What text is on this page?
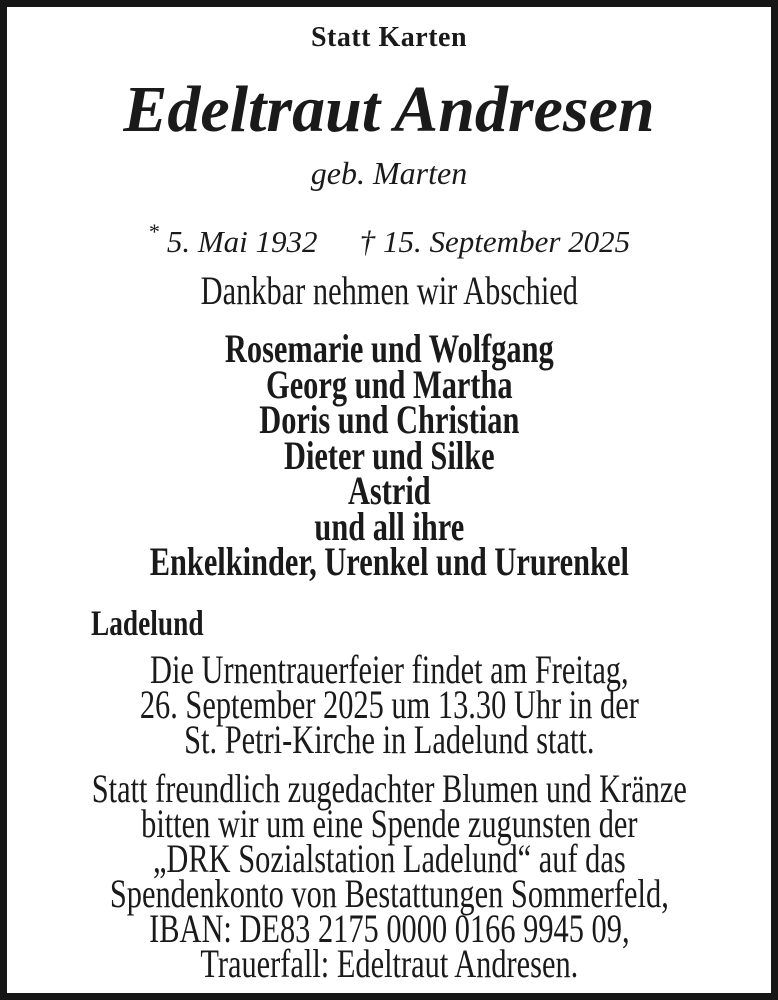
Statt Karten
Edeltraut Andresen
geb. Marten
* 5. Mai 1932 † 15. September 2025
Dankbar nehmen wir Abschied
Rosemarie und Wolfgang
Georg und Martha
Doris und Christian
Dieter und Silke
Astrid
und all ihre
Enkelkinder, Urenkel und Ururenkel
Ladelund
Die Urnentrauerfeier findet am Freitag,
26. September 2025 um 13.30 Uhr in der
St. Petri-Kirche in Ladelund statt.
Statt freundlich zugedachter Blumen und Kränze
bitten wir um eine Spende zugunsten der
„DRK Sozialstation Ladelund“ auf das
Spendenkonto von Bestattungen Sommerfeld,
IBAN: DE83 2175 0000 0166 9945 09,
Trauerfall: Edeltraut Andresen.
